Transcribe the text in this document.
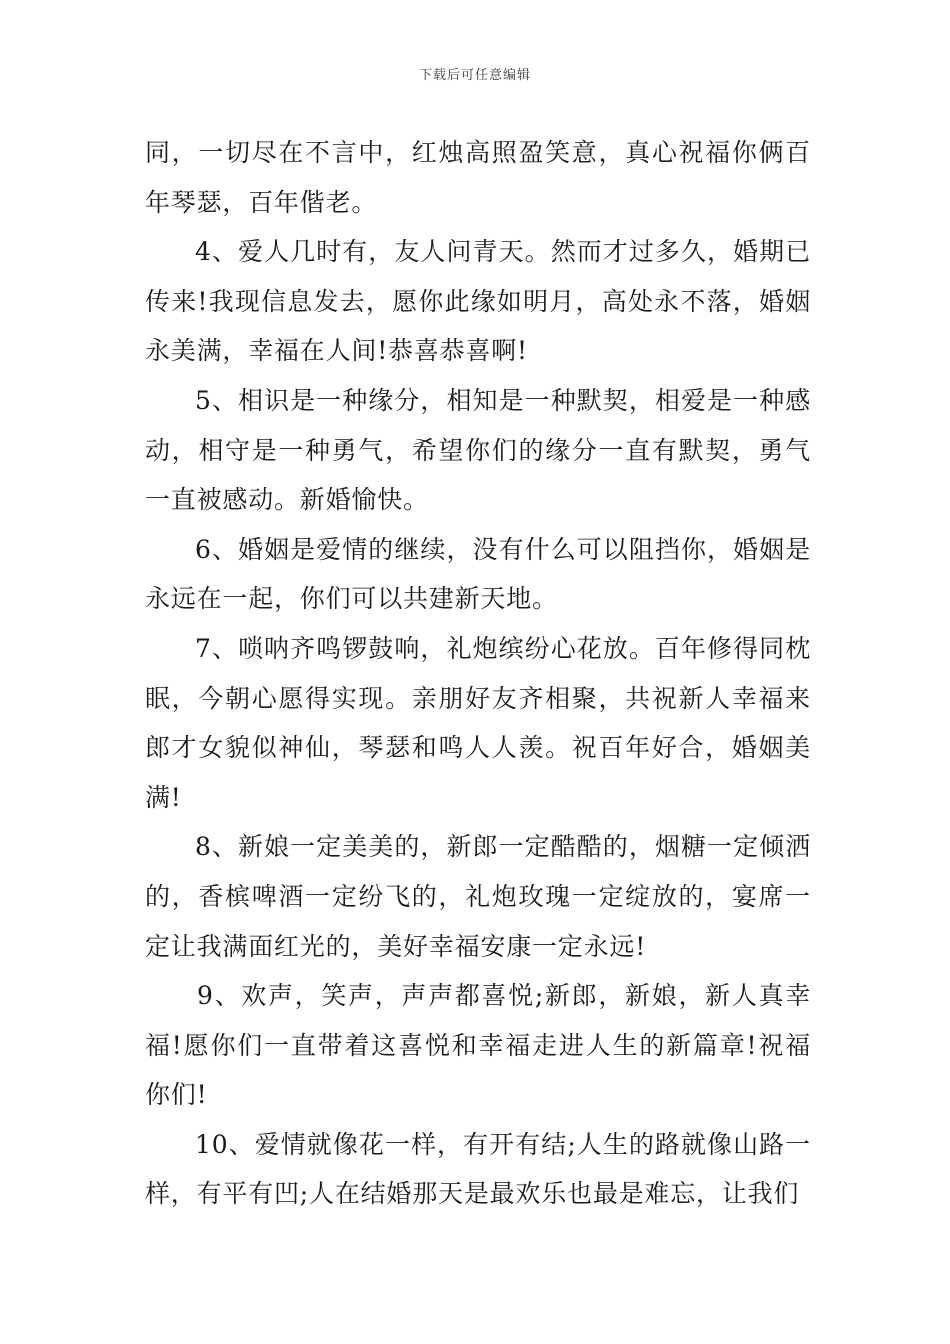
下载后可任意编辑

同，一切尽在不言中，红烛高照盈笑意，真心祝福你俩百年琴瑟，百年偕老。

4、爱人几时有，友人问青天。然而才过多久，婚期已传来!我现信息发去，愿你此缘如明月，高处永不落，婚姻永美满，幸福在人间!恭喜恭喜啊!

5、相识是一种缘分，相知是一种默契，相爱是一种感动，相守是一种勇气，希望你们的缘分一直有默契，勇气一直被感动。新婚愉快。

6、婚姻是爱情的继续，没有什么可以阻挡你，婚姻是永远在一起，你们可以共建新天地。

7、唢呐齐鸣锣鼓响，礼炮缤纷心花放。百年修得同枕眠，今朝心愿得实现。亲朋好友齐相聚，共祝新人幸福来郎才女貌似神仙，琴瑟和鸣人人羡。祝百年好合，婚姻美满!

8、新娘一定美美的，新郎一定酷酷的，烟糖一定倾洒的，香槟啤酒一定纷飞的，礼炮玫瑰一定绽放的，宴席一定让我满面红光的，美好幸福安康一定永远!

9、欢声，笑声，声声都喜悦;新郎，新娘，新人真幸福!愿你们一直带着这喜悦和幸福走进人生的新篇章!祝福你们!

10、爱情就像花一样，有开有结;人生的路就像山路一样，有平有凹;人在结婚那天是最欢乐也最是难忘，让我们
